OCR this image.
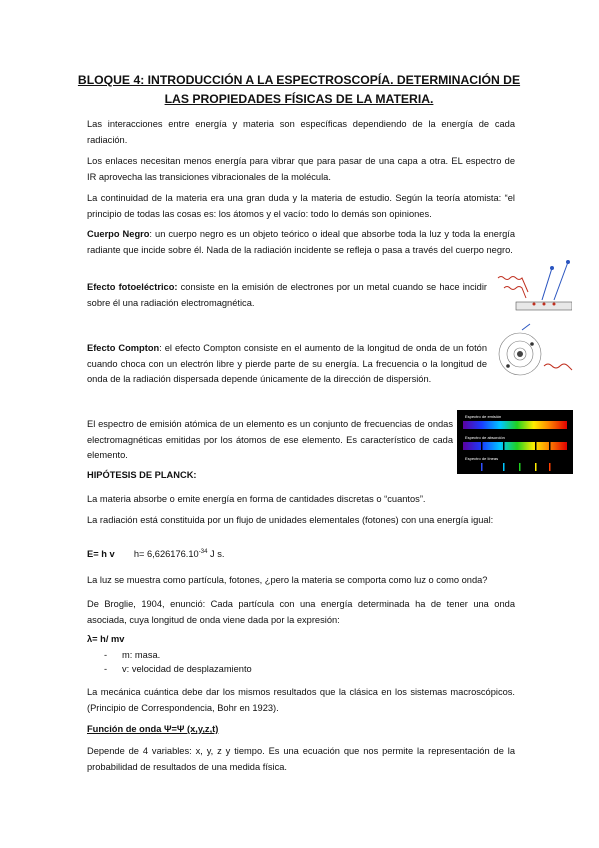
BLOQUE 4: INTRODUCCIÓN A LA ESPECTROSCOPÍA. DETERMINACIÓN DE
LAS PROPIEDADES FÍSICAS DE LA MATERIA.
Las interacciones entre energía y materia son específicas dependiendo de la energía de cada radiación.
Los enlaces necesitan menos energía para vibrar que para pasar de una capa a otra. EL espectro de IR aprovecha las transiciones vibracionales de la molécula.
La continuidad de la materia era una gran duda y la materia de estudio. Según la teoría atomista: “el principio de todas las cosas es: los átomos y el vacío: todo lo demás son opiniones.
Cuerpo Negro: un cuerpo negro es un objeto teórico o ideal que absorbe toda la luz y toda la energía radiante que incide sobre él. Nada de la radiación incidente se refleja o pasa a través del cuerpo negro.
Efecto fotoeléctrico: consiste en la emisión de electrones por un metal cuando se hace incidir sobre él una radiación electromagnética.
Efecto Compton: el efecto Compton consiste en el aumento de la longitud de onda de un fotón cuando choca con un electrón libre y pierde parte de su energía. La frecuencia o la longitud de onda de la radiación dispersada depende únicamente de la dirección de dispersión.
El espectro de emisión atómica de un elemento es un conjunto de frecuencias de ondas electromagnéticas emitidas por los átomos de ese elemento. Es característico de cada elemento.
HIPÓTESIS DE PLANCK:
La materia absorbe o emite energía en forma de cantidades discretas o “cuantos”.
La radiación está constituida por un flujo de unidades elementales (fotones) con una energía igual:
E= h v $h= 6,626176.10^{-34}$ J s.
La luz se muestra como partícula, fotones, ¿pero la materia se comporta como luz o como onda?
De Broglie, 1904, enunció: Cada partícula con una energía determinada ha de tener una onda asociada, cuya longitud de onda viene dada por la expresión:
λ= h/ mv
- m: masa.
- v: velocidad de desplazamiento
La mecánica cuántica debe dar los mismos resultados que la clásica en los sistemas macroscópicos. (Principio de Correspondencia, Bohr en 1923).
Función de onda Ψ=Ψ (x,y,z,t)
Depende de 4 variables: x, y, z y tiempo. Es una ecuación que nos permite la representación de la probabilidad de resultados de una medida física.
Espectro de emisión
Espectro de absorción
Espectro de líneas
